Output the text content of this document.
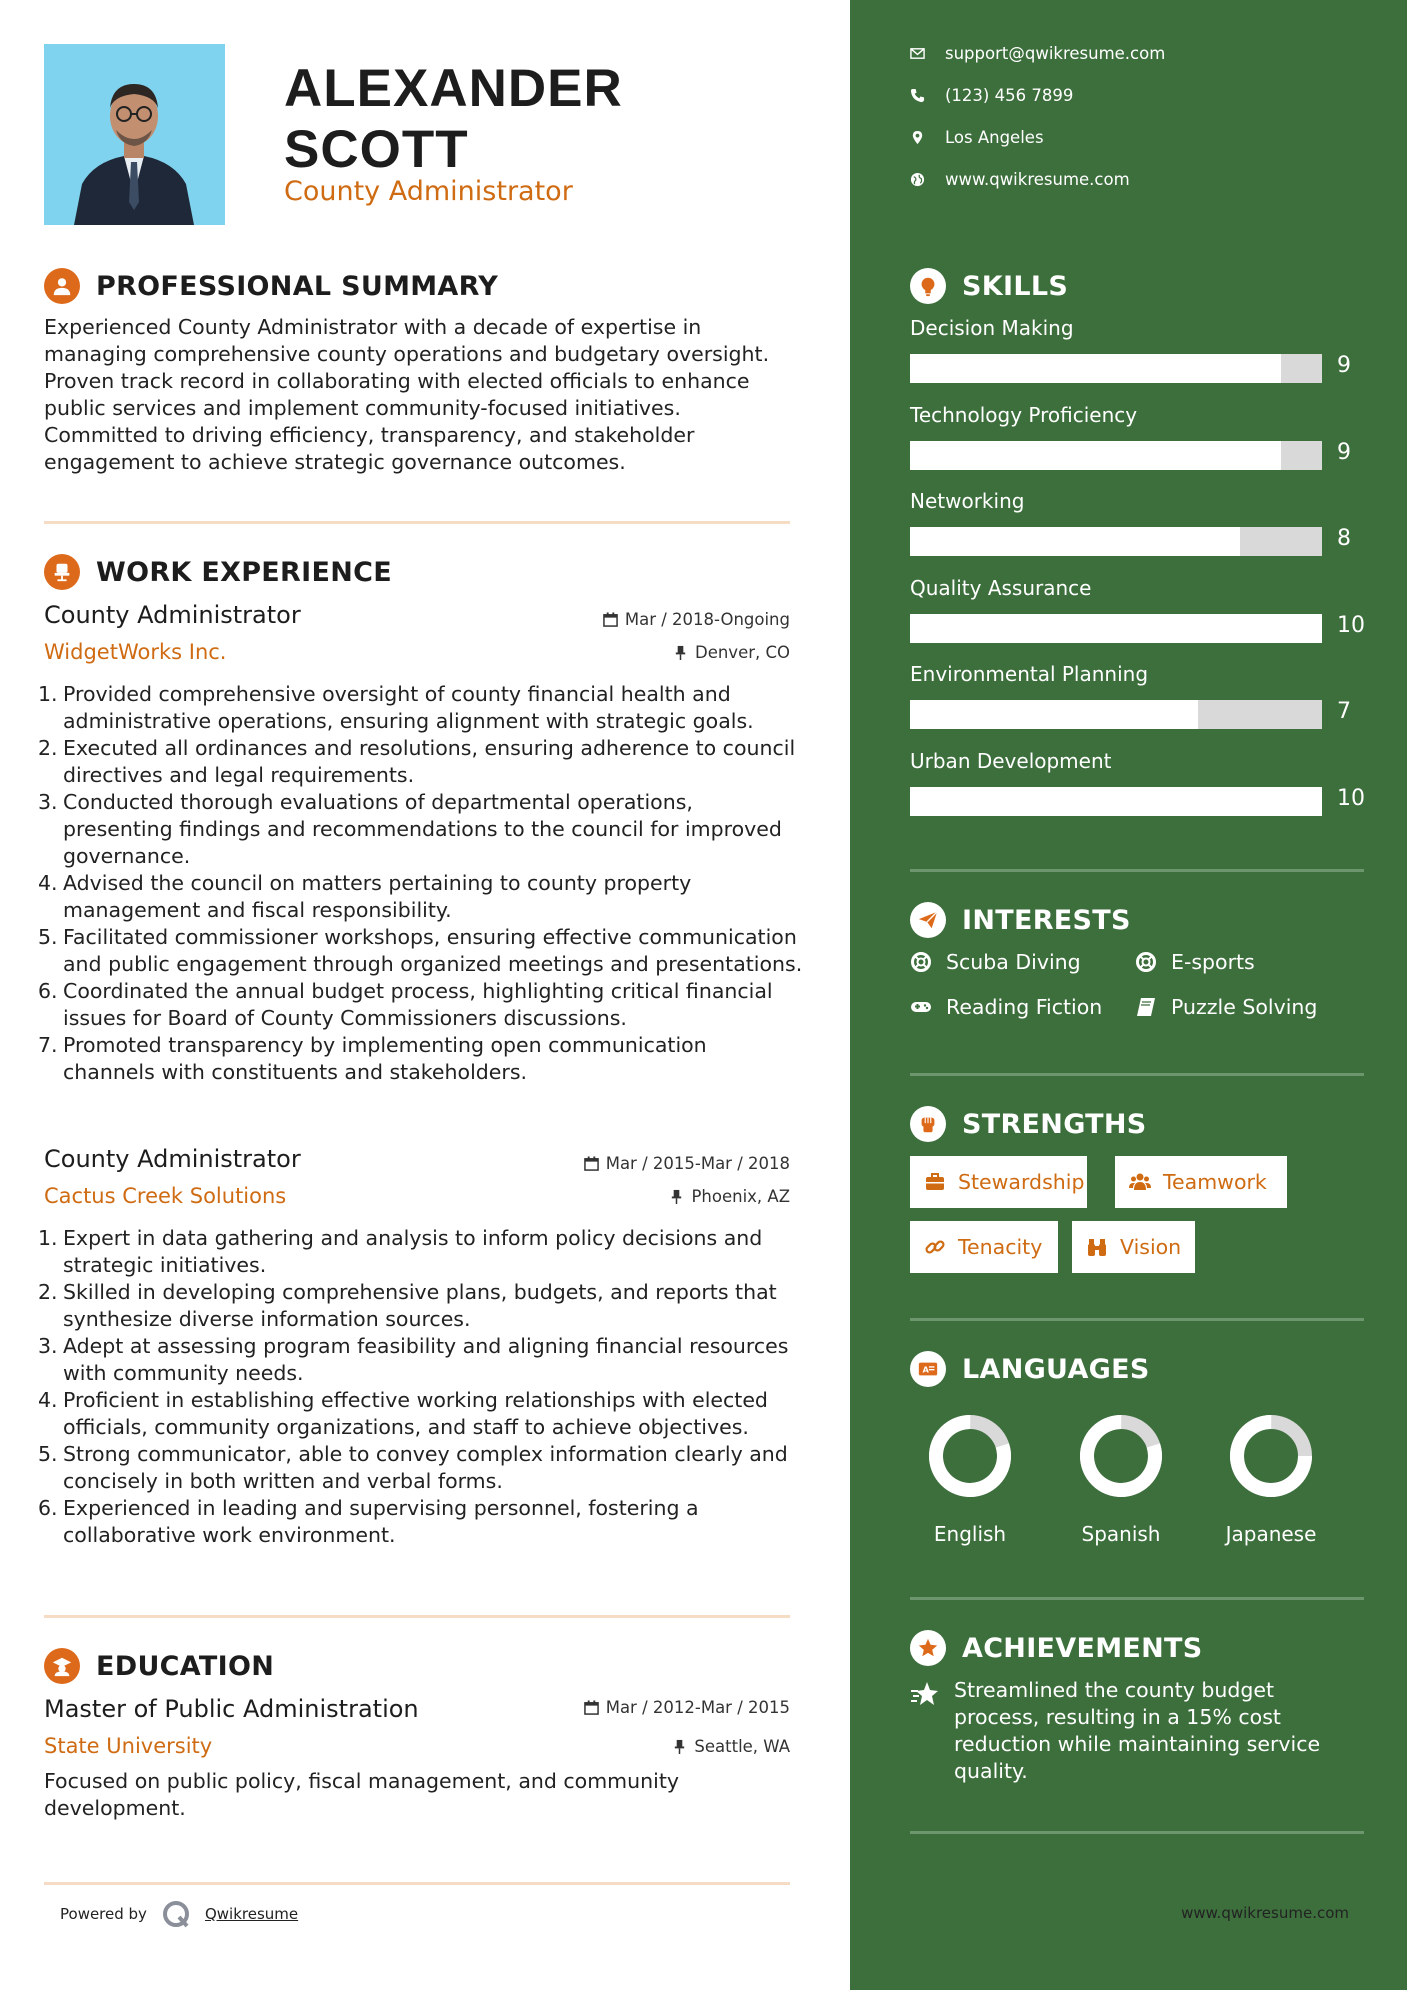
ALEXANDER
SCOTT
County Administrator
PROFESSIONAL SUMMARY
Experienced County Administrator with a decade of expertise in managing comprehensive county operations and budgetary oversight. Proven track record in collaborating with elected officials to enhance public services and implement community-focused initiatives. Committed to driving efficiency, transparency, and stakeholder engagement to achieve strategic governance outcomes.
WORK EXPERIENCE
County Administrator	Mar / 2018-Ongoing
WidgetWorks Inc.	Denver, CO
1. Provided comprehensive oversight of county financial health and administrative operations, ensuring alignment with strategic goals.
2. Executed all ordinances and resolutions, ensuring adherence to council directives and legal requirements.
3. Conducted thorough evaluations of departmental operations, presenting findings and recommendations to the council for improved governance.
4. Advised the council on matters pertaining to county property management and fiscal responsibility.
5. Facilitated commissioner workshops, ensuring effective communication and public engagement through organized meetings and presentations.
6. Coordinated the annual budget process, highlighting critical financial issues for Board of County Commissioners discussions.
7. Promoted transparency by implementing open communication channels with constituents and stakeholders.
County Administrator	Mar / 2015-Mar / 2018
Cactus Creek Solutions	Phoenix, AZ
1. Expert in data gathering and analysis to inform policy decisions and strategic initiatives.
2. Skilled in developing comprehensive plans, budgets, and reports that synthesize diverse information sources.
3. Adept at assessing program feasibility and aligning financial resources with community needs.
4. Proficient in establishing effective working relationships with elected officials, community organizations, and staff to achieve objectives.
5. Strong communicator, able to convey complex information clearly and concisely in both written and verbal forms.
6. Experienced in leading and supervising personnel, fostering a collaborative work environment.
EDUCATION
Master of Public Administration	Mar / 2012-Mar / 2015
State University	Seattle, WA
Focused on public policy, fiscal management, and community development.
Powered by	Qwikresume
support@qwikresume.com
(123) 456 7899
Los Angeles
www.qwikresume.com
SKILLS
Decision Making
9
Technology Proficiency
9
Networking
8
Quality Assurance
10
Environmental Planning
7
Urban Development
10
INTERESTS
Scuba Diving	E-sports
Reading Fiction	Puzzle Solving
STRENGTHS
Stewardship	Teamwork
Tenacity	Vision
A LANGUAGES
English	Spanish	Japanese
ACHIEVEMENTS
Streamlined the county budget process, resulting in a 15% cost reduction while maintaining service quality.
www.qwikresume.com
